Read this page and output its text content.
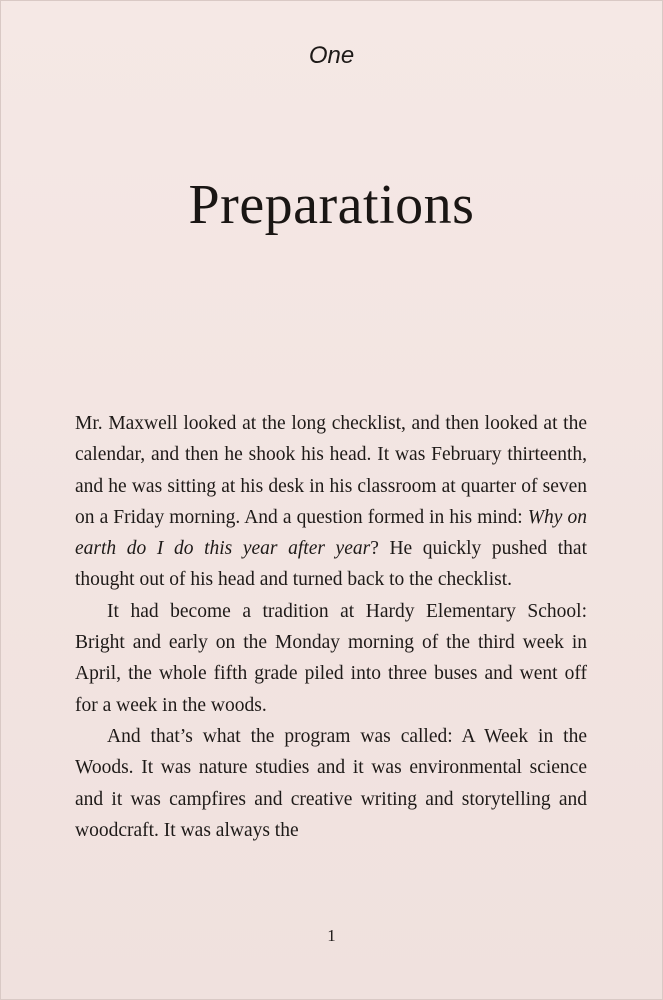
One
Preparations

Mr. Maxwell looked at the long checklist, and then looked at the calendar, and then he shook his head. It was February thirteenth, and he was sitting at his desk in his classroom at quarter of seven on a Friday morning. And a question formed in his mind: Why on earth do I do this year after year? He quickly pushed that thought out of his head and turned back to the checklist.

It had become a tradition at Hardy Elementary School: Bright and early on the Monday morning of the third week in April, the whole fifth grade piled into three buses and went off for a week in the woods.

And that’s what the program was called: A Week in the Woods. It was nature studies and it was environmental science and it was campfires and creative writing and storytelling and woodcraft. It was always the

1
